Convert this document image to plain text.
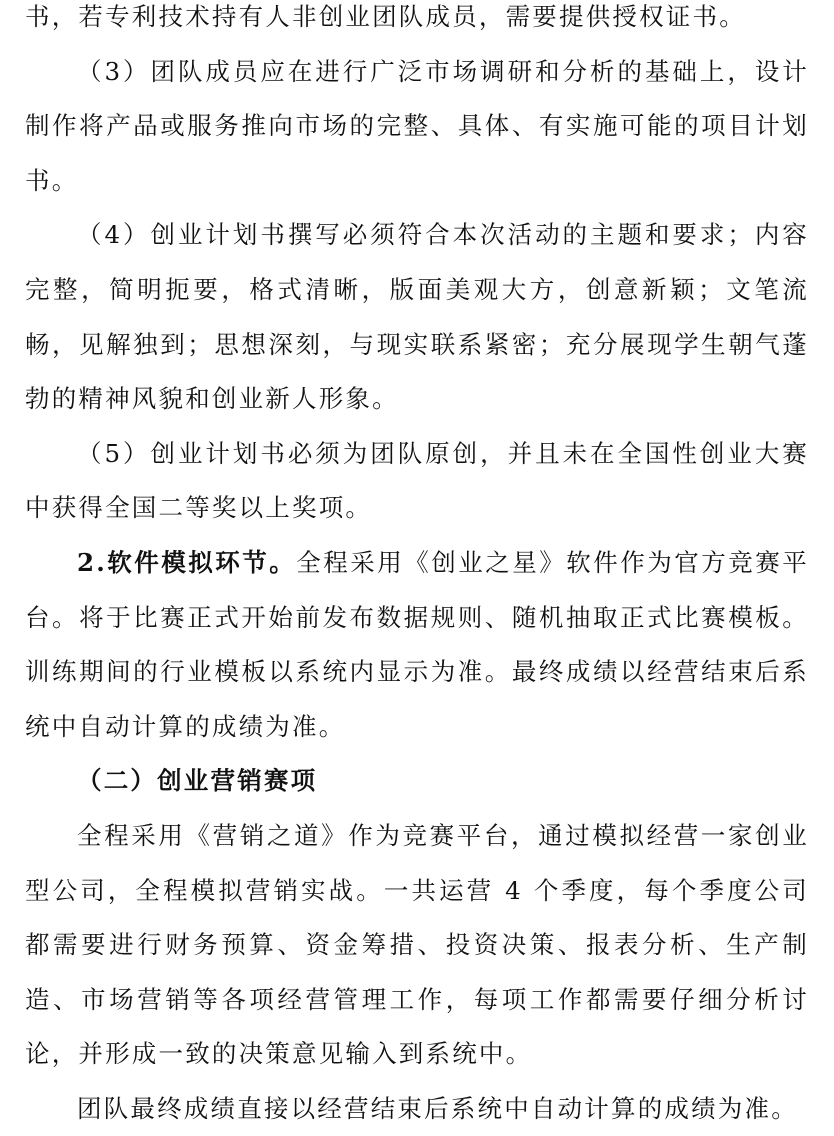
书，若专利技术持有人非创业团队成员，需要提供授权证书。

（3）团队成员应在进行广泛市场调研和分析的基础上，设计制作将产品或服务推向市场的完整、具体、有实施可能的项目计划书。

（4）创业计划书撰写必须符合本次活动的主题和要求；内容完整，简明扼要，格式清晰，版面美观大方，创意新颖；文笔流畅，见解独到；思想深刻，与现实联系紧密；充分展现学生朝气蓬勃的精神风貌和创业新人形象。

（5）创业计划书必须为团队原创，并且未在全国性创业大赛中获得全国二等奖以上奖项。

2.软件模拟环节。全程采用《创业之星》软件作为官方竞赛平台。将于比赛正式开始前发布数据规则、随机抽取正式比赛模板。训练期间的行业模板以系统内显示为准。最终成绩以经营结束后系统中自动计算的成绩为准。

（二）创业营销赛项

全程采用《营销之道》作为竞赛平台，通过模拟经营一家创业型公司，全程模拟营销实战。一共运营 4 个季度，每个季度公司都需要进行财务预算、资金筹措、投资决策、报表分析、生产制造、市场营销等各项经营管理工作，每项工作都需要仔细分析讨论，并形成一致的决策意见输入到系统中。

团队最终成绩直接以经营结束后系统中自动计算的成绩为准。
